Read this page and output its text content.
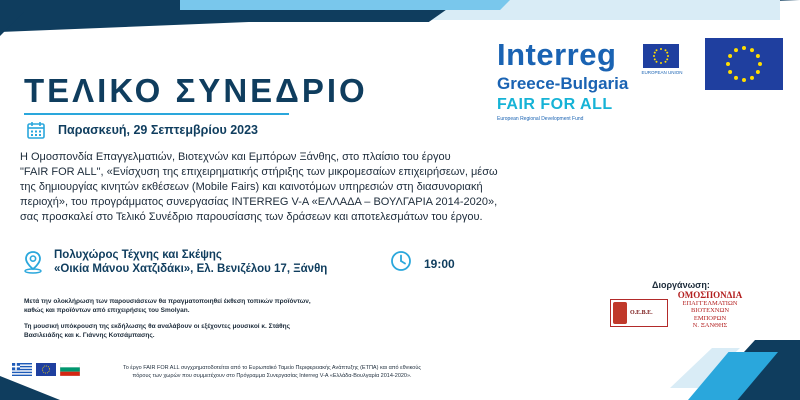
Interreg
Greece-Bulgaria
FAIR FOR ALL
European Regional Development Fund
EUROPEAN UNION
ΤΕΛΙΚΟ ΣΥΝΕΔΡΙΟ
Παρασκευή, 29 Σεπτεμβρίου 2023
Η Ομοσπονδία Επαγγελματιών, Βιοτεχνών και Εμπόρων Ξάνθης, στο πλαίσιο του έργου
"FAIR FOR ALL", «Ενίσχυση της επιχειρηματικής στήριξης των μικρομεσαίων επιχειρήσεων, μέσω
της δημιουργίας κινητών εκθέσεων (Mobile Fairs) και καινοτόμων υπηρεσιών στη διασυνοριακή
περιοχή», του προγράμματος συνεργασίας INTERREG V-A «ΕΛΛΑΔΑ – ΒΟΥΛΓΑΡΙΑ 2014-2020»,
σας προσκαλεί στο Τελικό Συνέδριο παρουσίασης των δράσεων και αποτελεσμάτων του έργου.
Πολυχώρος Τέχνης και Σκέψης
«Οικία Μάνου Χατζιδάκι», Ελ. Βενιζέλου 17, Ξάνθη	19:00
Μετά την ολοκλήρωση των παρουσιάσεων θα πραγματοποιηθεί έκθεση τοπικών προϊόντων,
καθώς και προϊόντων από επιχειρήσεις του Smolyan.
Τη μουσική υπόκρουση της εκδήλωσης θα αναλάβουν οι εξέχοντες μουσικοί κ. Στάθης
Βασιλειάδης και κ. Γιάννης Κοτσάμπασης.
Διοργάνωση:
Ο.Ε.Β.Ε.
ΟΜΟΣΠΟΝΔΙΑ
ΕΠΑΓΓΕΛΜΑΤΙΩΝ
ΒΙΟΤΕΧΝΩΝ
ΕΜΠΟΡΩΝ
Ν. ΞΑΝΘΗΣ
Το έργο FAIR FOR ALL συγχρηματοδοτείται από το Ευρωπαϊκό Ταμείο Περιφερειακής Ανάπτυξης (ΕΤΠΑ) και από εθνικούς
πόρους των χωρών που συμμετέχουν στο Πρόγραμμα Συνεργασίας Interreg V-A «Ελλάδα-Βουλγαρία 2014-2020».
